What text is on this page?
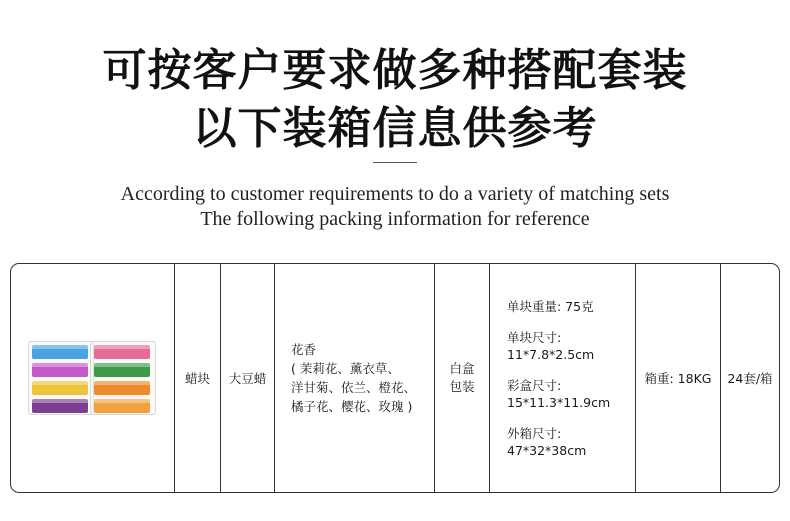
可按客户要求做多种搭配套装
以下装箱信息供参考
According to customer requirements to do a variety of matching sets
The following packing information for reference
蜡块 大豆蜡
花香
( 茉莉花、薰衣草、
洋甘菊、依兰、橙花、
橘子花、樱花、玫瑰 )
白盒
包装
单块重量: 75克
单块尺寸:
11*7.8*2.5cm
彩盒尺寸:
15*11.3*11.9cm
外箱尺寸:
47*32*38cm
箱重: 18KG 24套/箱
